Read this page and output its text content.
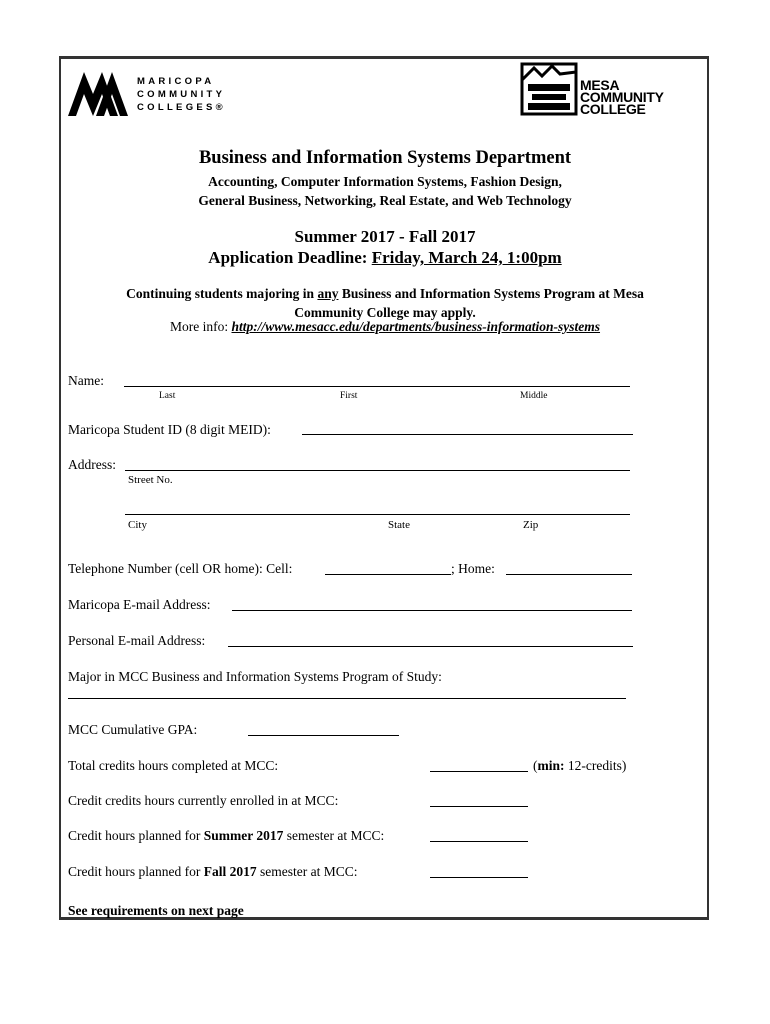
MARICOPA
COMMUNITY
COLLEGES®
MESA
COMMUNITY
COLLEGE
Business and Information Systems Department
Accounting, Computer Information Systems, Fashion Design,
General Business, Networking, Real Estate, and Web Technology
Summer 2017 - Fall 2017
Application Deadline: Friday, March 24, 1:00pm
Continuing students majoring in any Business and Information Systems Program at Mesa
Community College may apply.
More info: http://www.mesacc.edu/departments/business-information-systems
Name:
Last	First	Middle
Maricopa Student ID (8 digit MEID):
Address:
Street No.
City	State	Zip
Telephone Number (cell OR home): Cell:	; Home:
Maricopa E-mail Address:
Personal E-mail Address:
Major in MCC Business and Information Systems Program of Study:
MCC Cumulative GPA:
Total credits hours completed at MCC:	(min: 12-credits)
Credit credits hours currently enrolled in at MCC:
Credit hours planned for Summer 2017 semester at MCC:
Credit hours planned for Fall 2017 semester at MCC:
See requirements on next page
